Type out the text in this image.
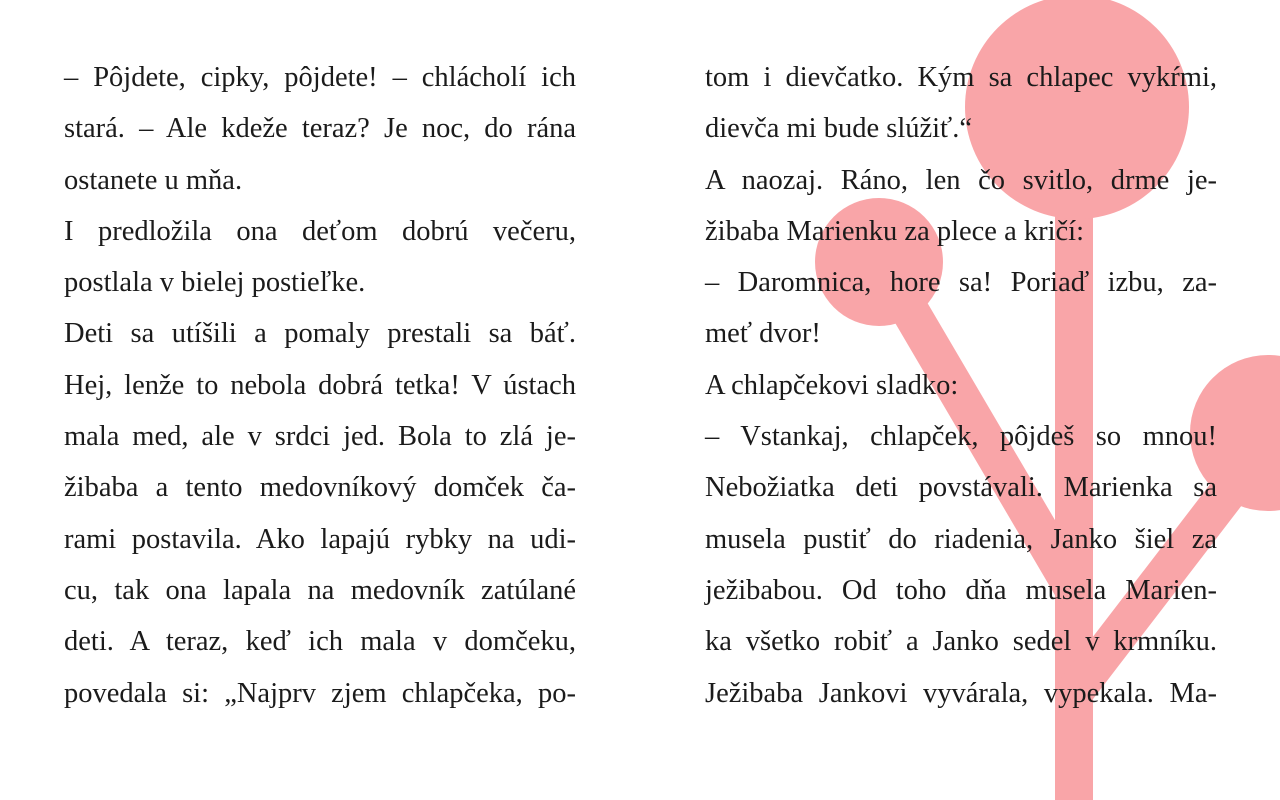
– Pôjdete, cipky, pôjdete! – chlácholí ich
stará. – Ale kdeže teraz? Je noc, do rána
ostanete u mňa.
I predložila ona deťom dobrú večeru,
postlala v bielej postieľke.
Deti sa utíšili a pomaly prestali sa báť.
Hej, lenže to nebola dobrá tetka! V ústach
mala med, ale v srdci jed. Bola to zlá je-
žibaba a tento medovníkový domček ča-
rami postavila. Ako lapajú rybky na udi-
cu, tak ona lapala na medovník zatúlané
deti. A teraz, keď ich mala v domčeku,
povedala si: „Najprv zjem chlapčeka, po-
tom i dievčatko. Kým sa chlapec vykŕmi,
dievča mi bude slúžiť.“
A naozaj. Ráno, len čo svitlo, drme je-
žibaba Marienku za plece a kričí:
– Daromnica, hore sa! Poriaď izbu, za-
meť dvor!
A chlapčekovi sladko:
– Vstankaj, chlapček, pôjdeš so mnou!
Nebožiatka deti povstávali. Marienka sa
musela pustiť do riadenia, Janko šiel za
ježibabou. Od toho dňa musela Marien-
ka všetko robiť a Janko sedel v krmníku.
Ježibaba Jankovi vyvárala, vypekala. Ma-
